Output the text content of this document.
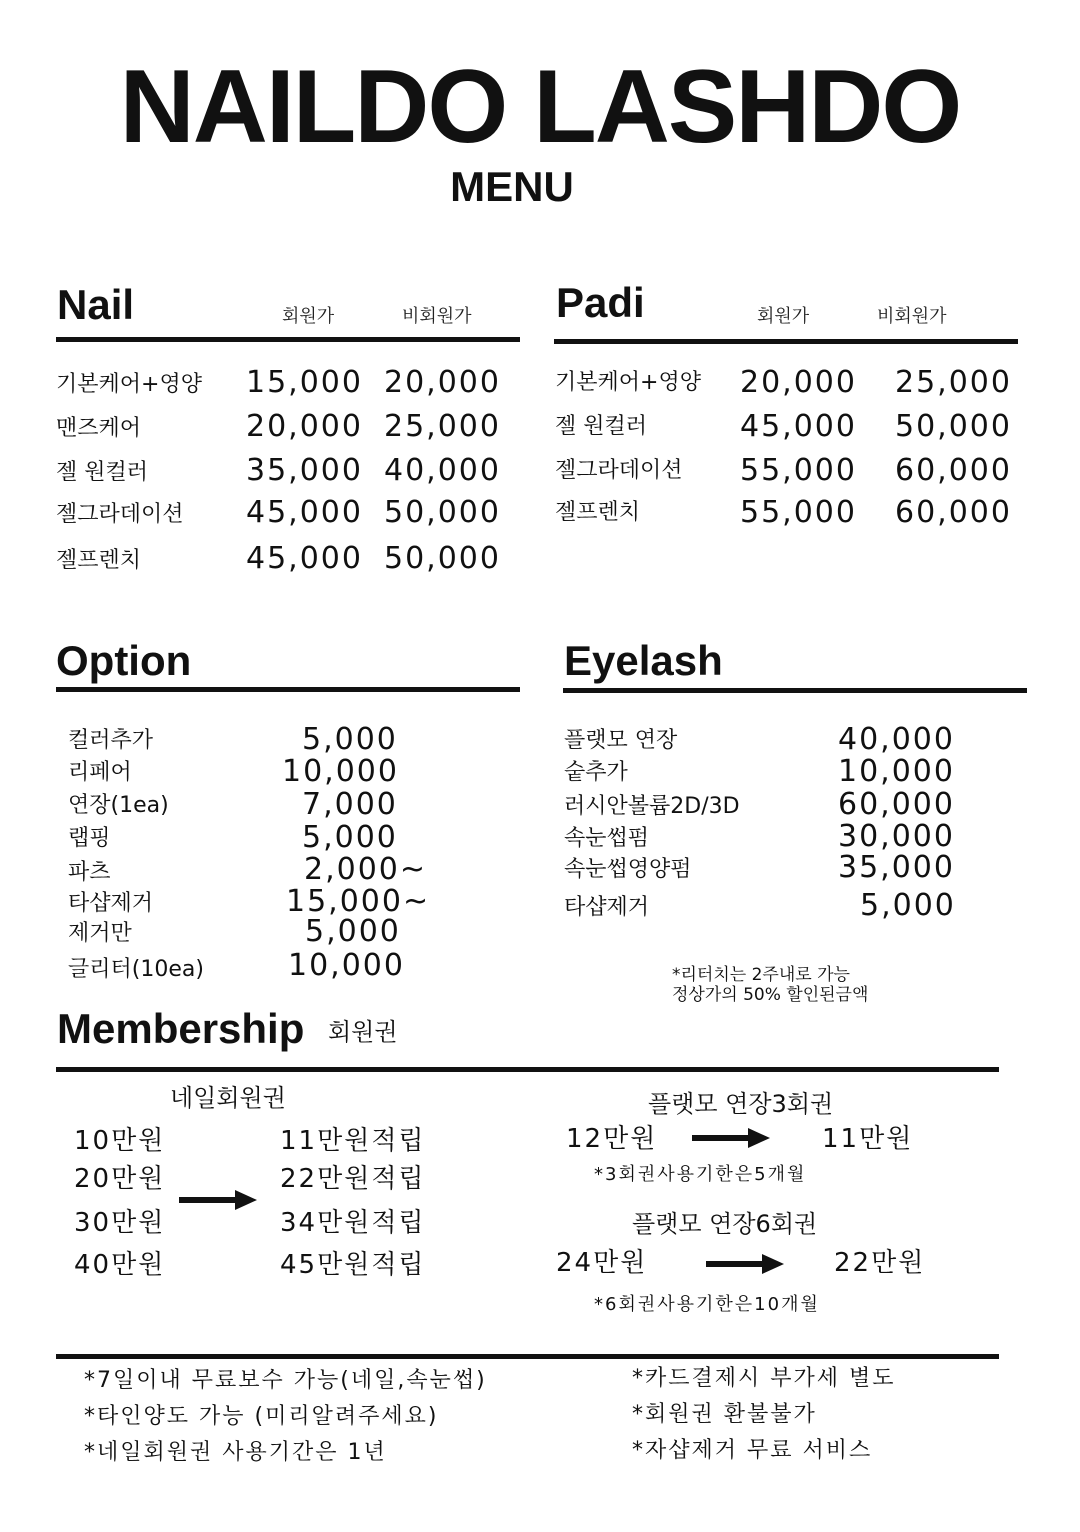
NAILDO LASHDO
MENU
Nail	회원가	비회원가
기본케어+영양 15,000 20,000
맨즈케어	20,000 25,000
젤 원컬러	35,000 40,000
젤그라데이션 45,000 50,000
젤프렌치	45,000 50,000
Padi	회원가	비회원가
기본케어+영양 20,000 25,000
젤 원컬러	45,000 50,000
젤그라데이션 55,000 60,000
젤프렌치	55,000 60,000
Option
컬러추가	5,000
리페어	10,000
연장(1ea)	7,000
랩핑	5,000
파츠	2,000~
타샵제거	15,000~
제거만	5,000
글리터(10ea)	10,000
Eyelash
플랫모 연장	40,000
숱추가	10,000
러시안볼륨2D/3D	60,000
속눈썹펌	30,000
속눈썹영양펌	35,000
타샵제거	5,000
*리터치는 2주내로 가능
정상가의 50% 할인된금액
Membership 회원권
네일회원권
10만원	11만원적립
20만원	22만원적립
30만원	34만원적립
40만원	45만원적립
플랫모 연장3회권
12만원	11만원
*3회권사용기한은5개월
플랫모 연장6회권
24만원	22만원
*6회권사용기한은10개월
*7일이내 무료보수 가능(네일,속눈썹)
*타인양도 가능 (미리알려주세요)
*네일회원권 사용기간은 1년
*카드결제시 부가세 별도
*회원권 환불불가
*자샵제거 무료 서비스
